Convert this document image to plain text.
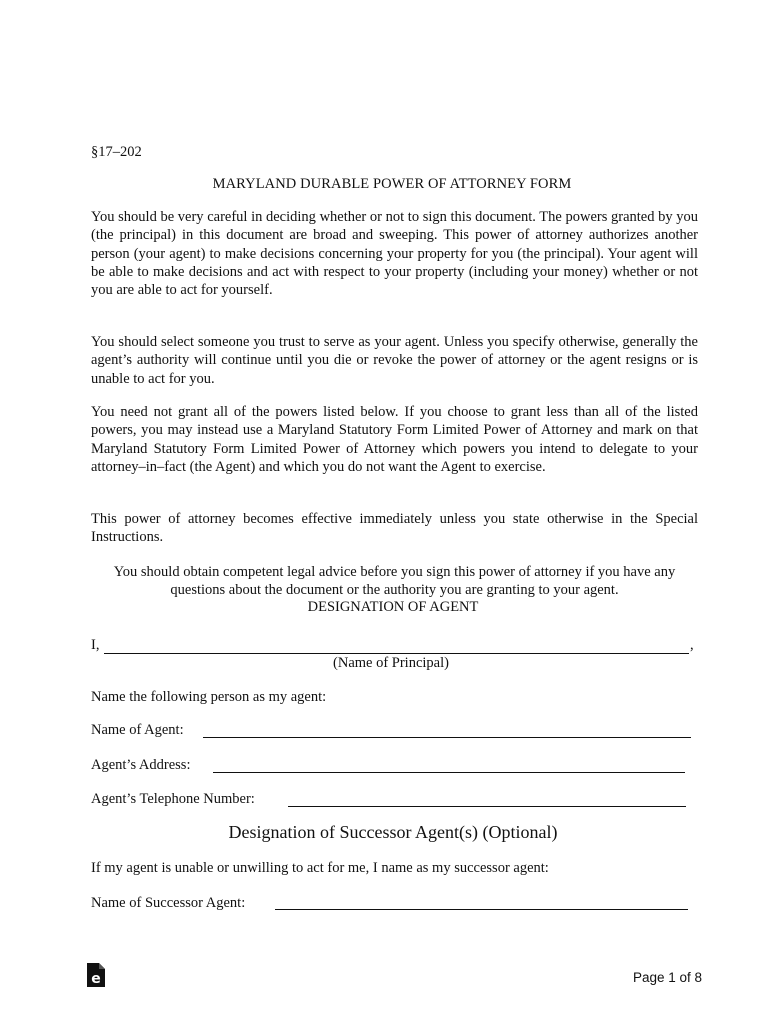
§17–202
MARYLAND DURABLE POWER OF ATTORNEY FORM

You should be very careful in deciding whether or not to sign this document. The powers granted by you (the principal) in this document are broad and sweeping. This power of attorney authorizes another person (your agent) to make decisions concerning your property for you (the principal). Your agent will be able to make decisions and act with respect to your property (including your money) whether or not you are able to act for yourself.

You should select someone you trust to serve as your agent. Unless you specify otherwise, generally the agent’s authority will continue until you die or revoke the power of attorney or the agent resigns or is unable to act for you.

You need not grant all of the powers listed below. If you choose to grant less than all of the listed powers, you may instead use a Maryland Statutory Form Limited Power of Attorney and mark on that Maryland Statutory Form Limited Power of Attorney which powers you intend to delegate to your attorney–in–fact (the Agent) and which you do not want the Agent to exercise.

This power of attorney becomes effective immediately unless you state otherwise in the Special Instructions.

You should obtain competent legal advice before you sign this power of attorney if you have any questions about the document or the authority you are granting to your agent.

DESIGNATION OF AGENT
I,	,
(Name of Principal)
Name the following person as my agent:
Name of Agent:
Agent’s Address:
Agent’s Telephone Number:
Designation of Successor Agent(s) (Optional)
If my agent is unable or unwilling to act for me, I name as my successor agent:
Name of Successor Agent:
e	Page 1 of 8
